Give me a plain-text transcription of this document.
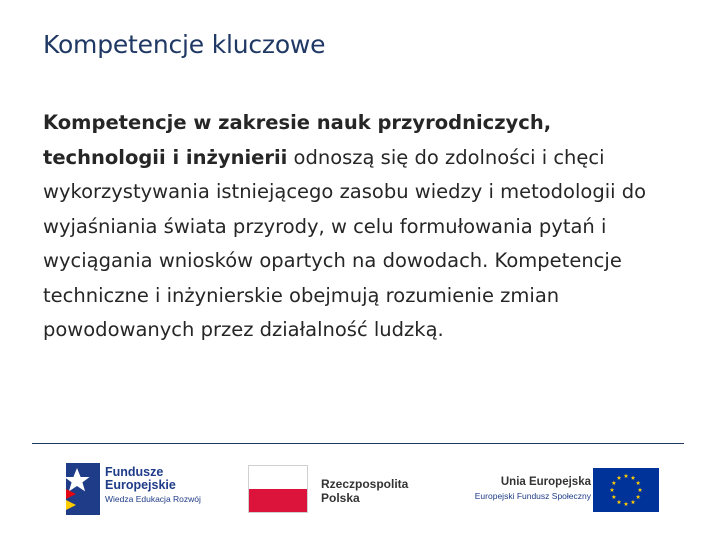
Kompetencje kluczowe
Kompetencje w zakresie nauk przyrodniczych,
technologii i inżynierii odnoszą się do zdolności i chęci wykorzystywania istniejącego zasobu wiedzy i metodologii do wyjaśniania świata przyrody, w celu formułowania pytań i wyciągania wniosków opartych na dowodach. Kompetencje techniczne i inżynierskie obejmują rozumienie zmian powodowanych przez działalność ludzką.
Fundusze
Europejskie
Wiedza Edukacja Rozwój
Rzeczpospolita
Polska
Unia Europejska
Europejski Fundusz Społeczny
